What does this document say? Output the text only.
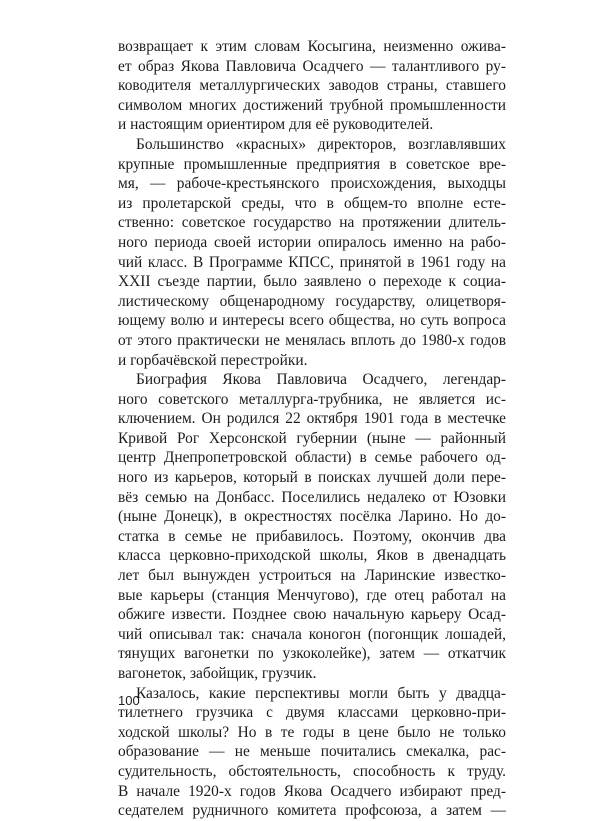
возвращает к этим словам Косыгина, неизменно ожива-
ет образ Якова Павловича Осадчего — талантливого ру-
ководителя металлургических заводов страны, ставшего
символом многих достижений трубной промышленности
и настоящим ориентиром для её руководителей.
Большинство «красных» директоров, возглавлявших
крупные промышленные предприятия в советское вре-
мя, — рабоче-крестьянского происхождения, выходцы
из пролетарской среды, что в общем-то вполне есте-
ственно: советское государство на протяжении длитель-
ного периода своей истории опиралось именно на рабо-
чий класс. В Программе КПСС, принятой в 1961 году на
XXII съезде партии, было заявлено о переходе к социа-
листическому общенародному государству, олицетворя-
ющему волю и интересы всего общества, но суть вопроса
от этого практически не менялась вплоть до 1980-х годов
и горбачёвской перестройки.
Биография Якова Павловича Осадчего, легендар-
ного советского металлурга-трубника, не является ис-
ключением. Он родился 22 октября 1901 года в местечке
Кривой Рог Херсонской губернии (ныне — районный
центр Днепропетровской области) в семье рабочего од-
ного из карьеров, который в поисках лучшей доли пере-
вёз семью на Донбасс. Поселились недалеко от Юзовки
(ныне Донецк), в окрестностях посёлка Ларино. Но до-
статка в семье не прибавилось. Поэтому, окончив два
класса церковно-приходской школы, Яков в двенадцать
лет был вынужден устроиться на Ларинские известко-
вые карьеры (станция Менчугово), где отец работал на
обжиге извести. Позднее свою начальную карьеру Осад-
чий описывал так: сначала коногон (погонщик лошадей,
тянущих вагонетки по узкоколейке), затем — откатчик
вагонеток, забойщик, грузчик.
Казалось, какие перспективы могли быть у двадца-
тилетнего грузчика с двумя классами церковно-при-
ходской школы? Но в те годы в цене было не только
образование — не меньше почитались смекалка, рас-
судительность, обстоятельность, способность к труду.
В начале 1920-х годов Якова Осадчего избирают пред-
седателем рудничного комитета профсоюза, а затем —
100
